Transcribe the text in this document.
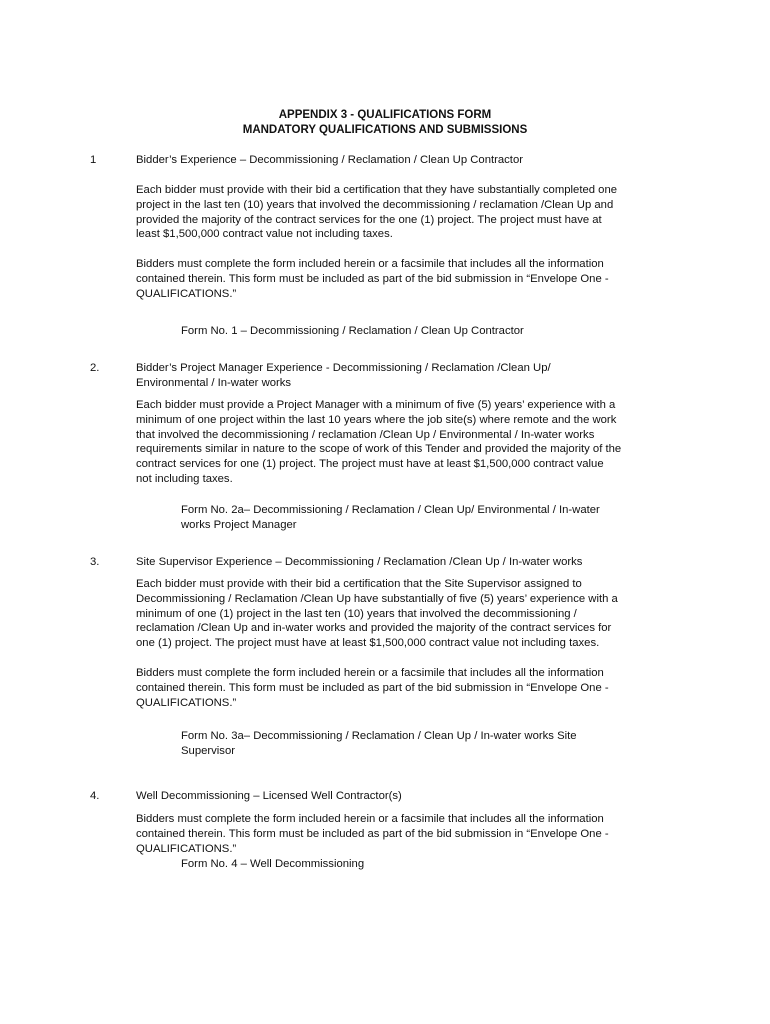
APPENDIX 3 - QUALIFICATIONS FORM
MANDATORY QUALIFICATIONS AND SUBMISSIONS
1	Bidder’s Experience – Decommissioning / Reclamation / Clean Up Contractor
Each bidder must provide with their bid a certification that they have substantially completed one
project in the last ten (10) years that involved the decommissioning / reclamation /Clean Up and
provided the majority of the contract services for the one (1) project. The project must have at
least $1,500,000 contract value not including taxes.
Bidders must complete the form included herein or a facsimile that includes all the information
contained therein. This form must be included as part of the bid submission in “Envelope One -
QUALIFICATIONS.”
Form No. 1 – Decommissioning / Reclamation / Clean Up Contractor
2.	Bidder’s Project Manager Experience - Decommissioning / Reclamation /Clean Up/
Environmental / In-water works
Each bidder must provide a Project Manager with a minimum of five (5) years’ experience with a
minimum of one project within the last 10 years where the job site(s) where remote and the work
that involved the decommissioning / reclamation /Clean Up / Environmental / In-water works
requirements similar in nature to the scope of work of this Tender and provided the majority of the
contract services for one (1) project. The project must have at least $1,500,000 contract value
not including taxes.
Form No. 2a– Decommissioning / Reclamation / Clean Up/ Environmental / In-water
works Project Manager
3.	Site Supervisor Experience – Decommissioning / Reclamation /Clean Up / In-water works
Each bidder must provide with their bid a certification that the Site Supervisor assigned to
Decommissioning / Reclamation /Clean Up have substantially of five (5) years’ experience with a
minimum of one (1) project in the last ten (10) years that involved the decommissioning /
reclamation /Clean Up and in-water works and provided the majority of the contract services for
one (1) project. The project must have at least $1,500,000 contract value not including taxes.
Bidders must complete the form included herein or a facsimile that includes all the information
contained therein. This form must be included as part of the bid submission in “Envelope One -
QUALIFICATIONS.”
Form No. 3a– Decommissioning / Reclamation / Clean Up / In-water works Site
Supervisor
4.	Well Decommissioning – Licensed Well Contractor(s)
Bidders must complete the form included herein or a facsimile that includes all the information
contained therein. This form must be included as part of the bid submission in “Envelope One -
QUALIFICATIONS.”
Form No. 4 – Well Decommissioning
